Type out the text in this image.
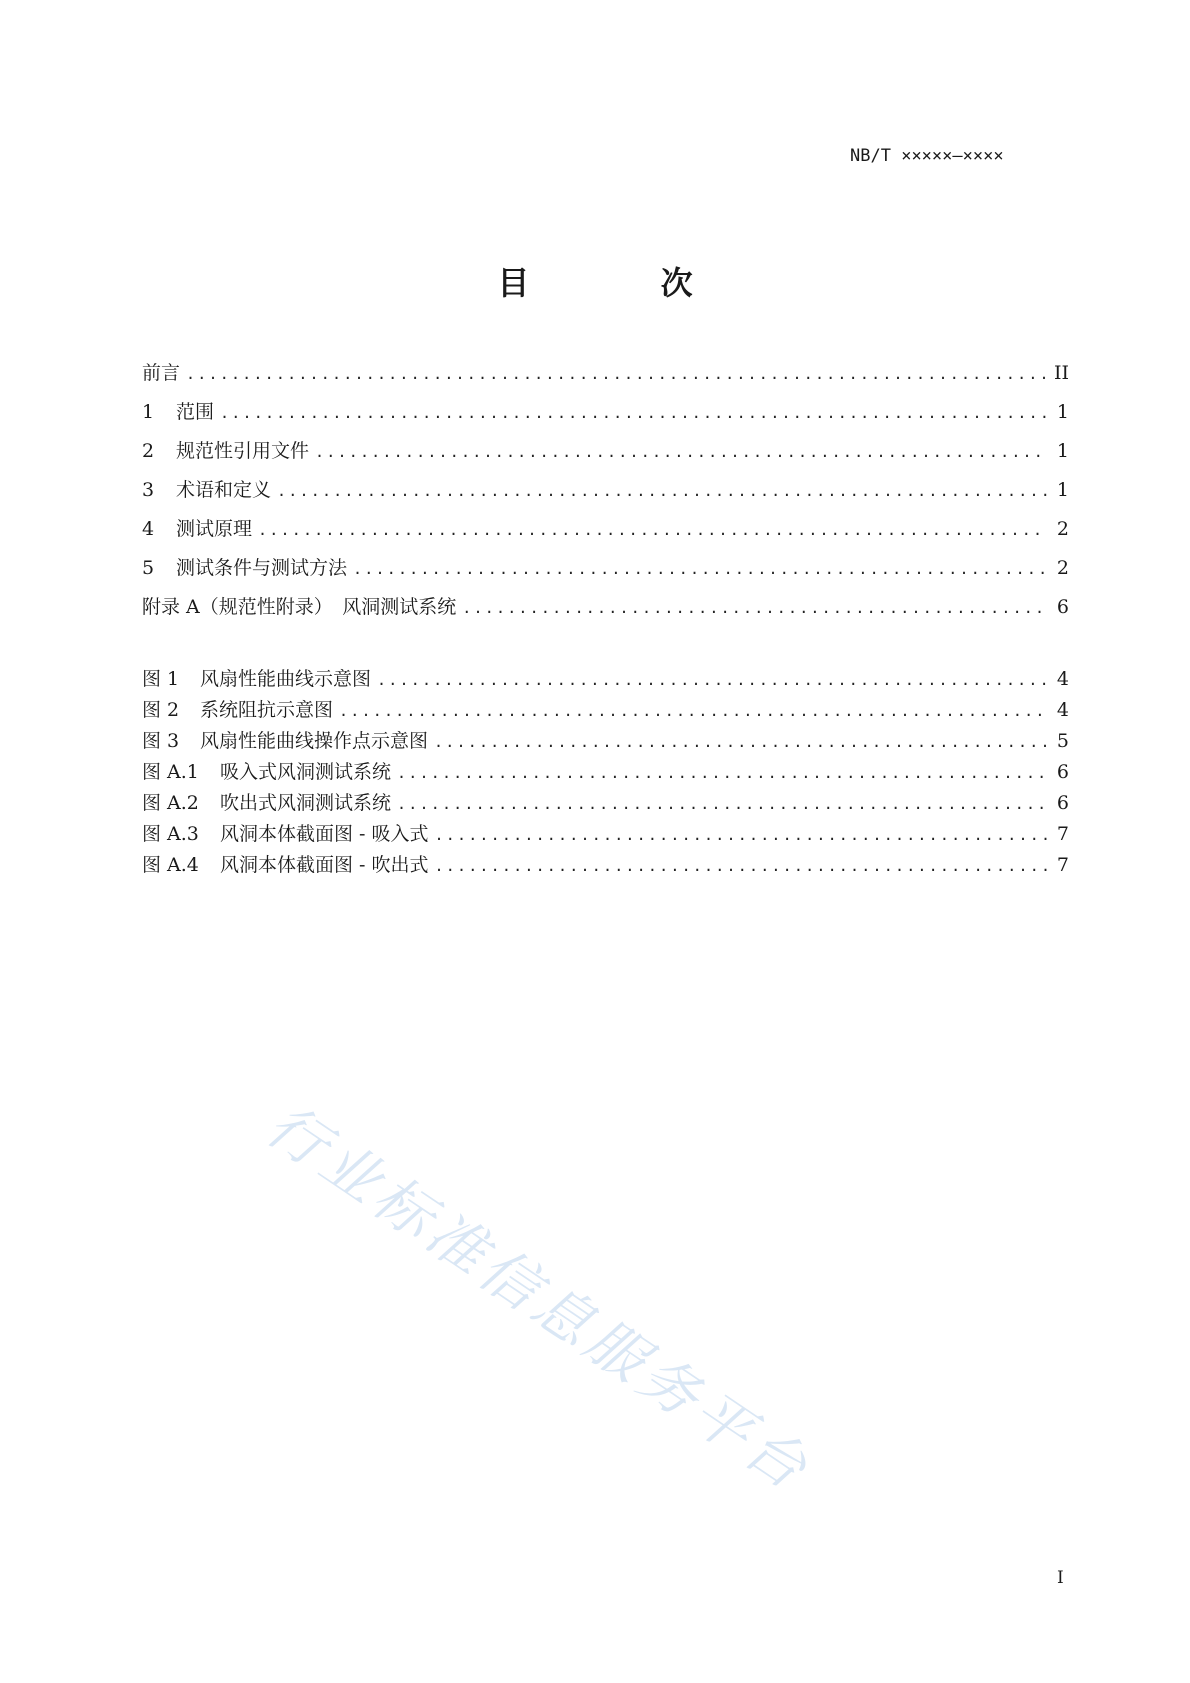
NB/T
×××××—××××
目 次
前言 .....	II
1	范围 .....	1
2	规范性引用文件 .....	1
3	术语和定义 .....	1
4	测试原理 .....	2
5	测试条件与测试方法 .....	2
附录 A（规范性附录）　风洞测试系统 .....	6
图 1	风扇性能曲线示意图 .....	4
图 2	系统阻抗示意图 .....	4
图 3	风扇性能曲线操作点示意图 .....	5
图 A.1	吸入式风洞测试系统 .....	6
图 A.2	吹出式风洞测试系统 .....	6
图 A.3	风洞本体截面图 - 吸入式 .....	7
图 A.4	风洞本体截面图 - 吹出式 .....	7
行业标准信息服务平台
I
